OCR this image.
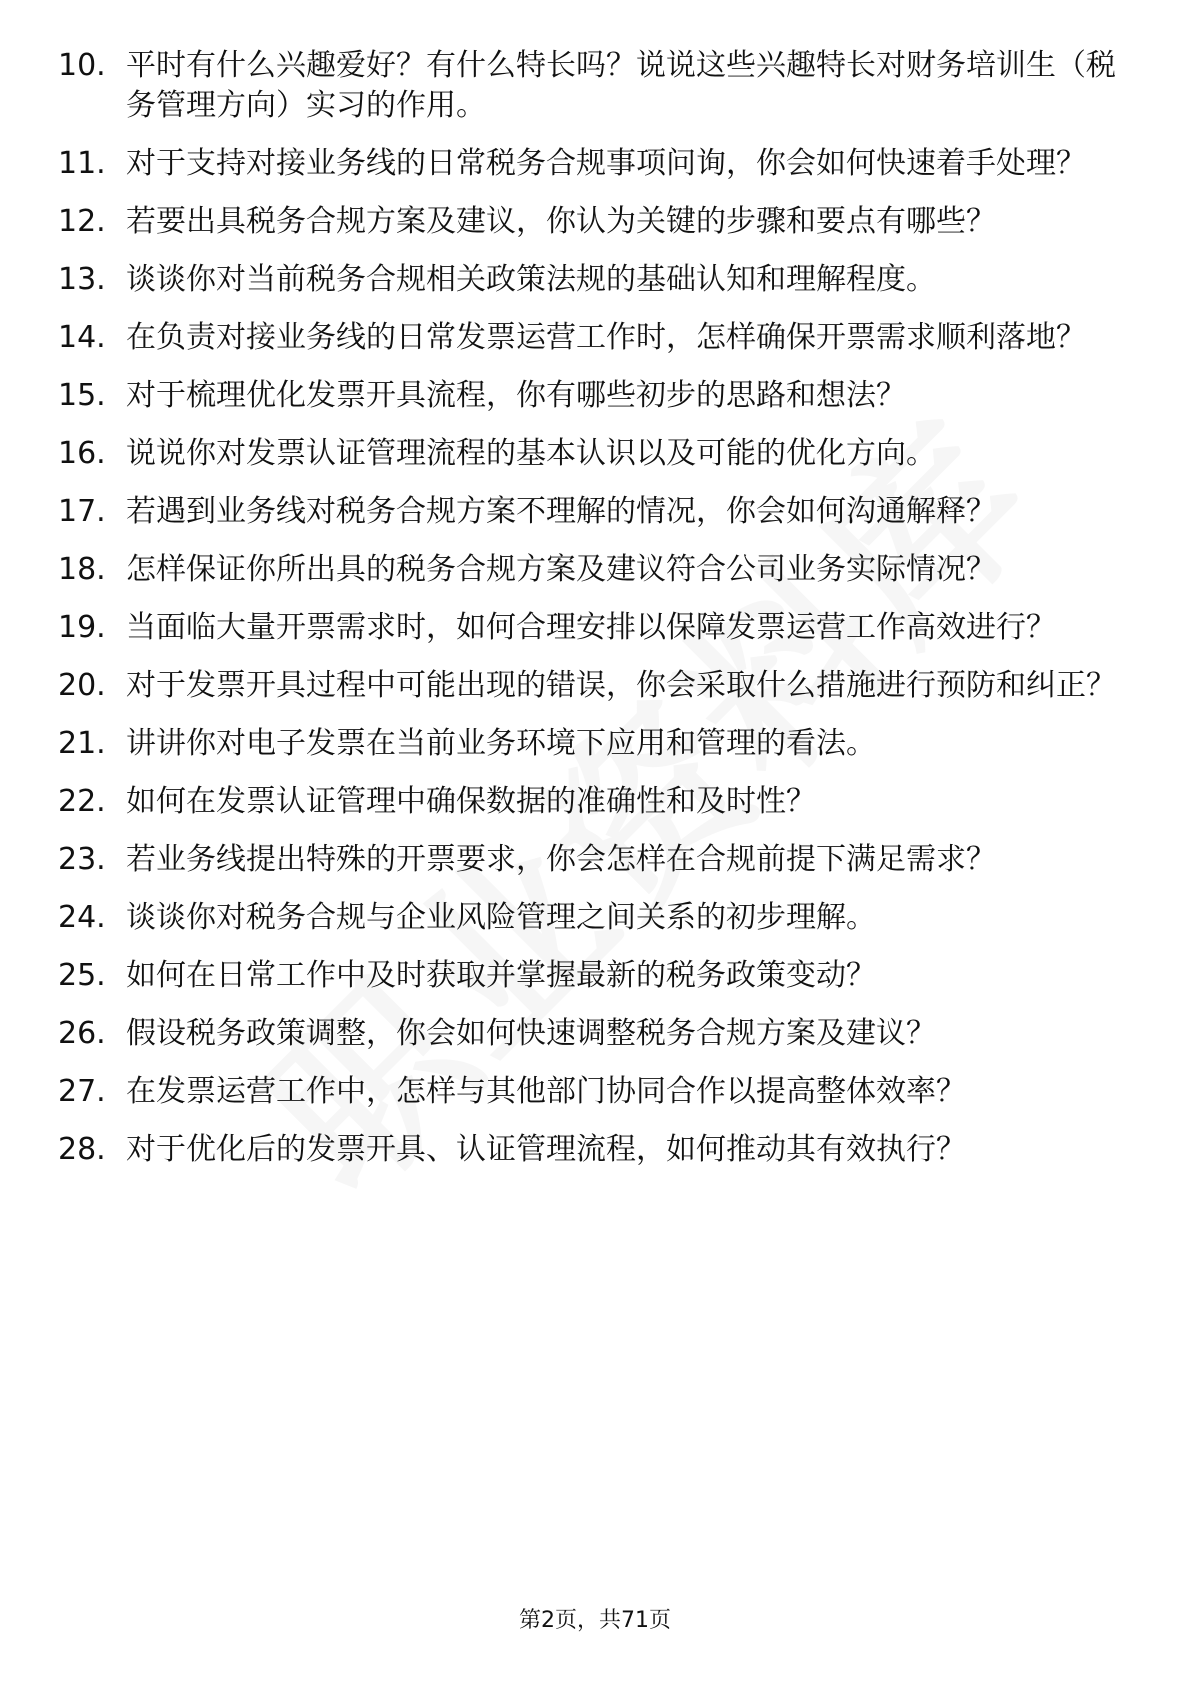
10. 平时有什么兴趣爱好？有什么特长吗？说说这些兴趣特长对财务培训生（税务管理方向）实习的作用。
11. 对于支持对接业务线的日常税务合规事项问询，你会如何快速着手处理？
12. 若要出具税务合规方案及建议，你认为关键的步骤和要点有哪些？
13. 谈谈你对当前税务合规相关政策法规的基础认知和理解程度。
14. 在负责对接业务线的日常发票运营工作时，怎样确保开票需求顺利落地？
15. 对于梳理优化发票开具流程，你有哪些初步的思路和想法？
16. 说说你对发票认证管理流程的基本认识以及可能的优化方向。
17. 若遇到业务线对税务合规方案不理解的情况，你会如何沟通解释？
18. 怎样保证你所出具的税务合规方案及建议符合公司业务实际情况？
19. 当面临大量开票需求时，如何合理安排以保障发票运营工作高效进行？
20. 对于发票开具过程中可能出现的错误，你会采取什么措施进行预防和纠正？
21. 讲讲你对电子发票在当前业务环境下应用和管理的看法。
22. 如何在发票认证管理中确保数据的准确性和及时性？
23. 若业务线提出特殊的开票要求，你会怎样在合规前提下满足需求？
24. 谈谈你对税务合规与企业风险管理之间关系的初步理解。
25. 如何在日常工作中及时获取并掌握最新的税务政策变动？
26. 假设税务政策调整，你会如何快速调整税务合规方案及建议？
27. 在发票运营工作中，怎样与其他部门协同合作以提高整体效率？
28. 对于优化后的发票开具、认证管理流程，如何推动其有效执行？
第2页，共71页
